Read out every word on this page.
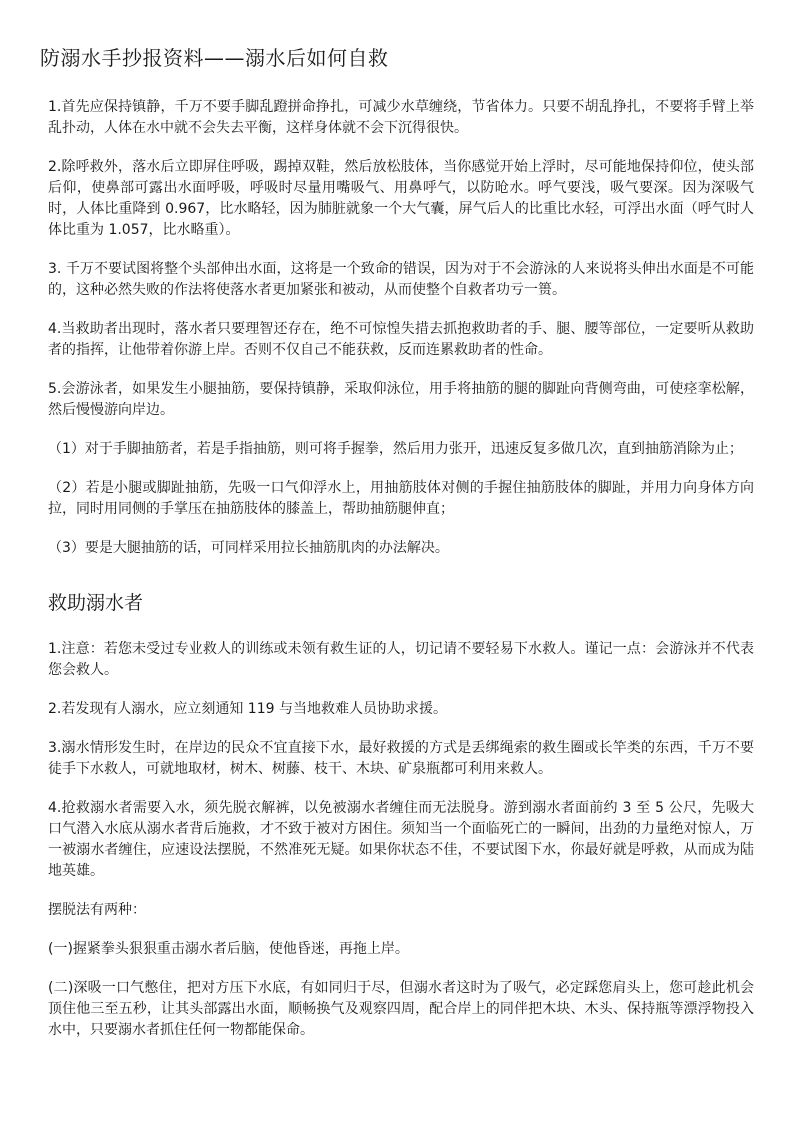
防溺水手抄报资料——溺水后如何自救

1.首先应保持镇静，千万不要手脚乱蹬拼命挣扎，可减少水草缠绕，节省体力。只要不胡乱挣扎，不要将手臂上举乱扑动，人体在水中就不会失去平衡，这样身体就不会下沉得很快。

2.除呼救外，落水后立即屏住呼吸，踢掉双鞋，然后放松肢体，当你感觉开始上浮时，尽可能地保持仰位，使头部后仰，使鼻部可露出水面呼吸，呼吸时尽量用嘴吸气、用鼻呼气，以防呛水。呼气要浅，吸气要深。因为深吸气时，人体比重降到 0.967，比水略轻，因为肺脏就象一个大气囊，屏气后人的比重比水轻，可浮出水面（呼气时人体比重为 1.057，比水略重）。

3. 千万不要试图将整个头部伸出水面，这将是一个致命的错误，因为对于不会游泳的人来说将头伸出水面是不可能的，这种必然失败的作法将使落水者更加紧张和被动，从而使整个自救者功亏一篑。

4.当救助者出现时，落水者只要理智还存在，绝不可惊惶失措去抓抱救助者的手、腿、腰等部位，一定要听从救助者的指挥，让他带着你游上岸。否则不仅自己不能获救，反而连累救助者的性命。

5.会游泳者，如果发生小腿抽筋，要保持镇静，采取仰泳位，用手将抽筋的腿的脚趾向背侧弯曲，可使痉挛松解，然后慢慢游向岸边。

（1）对于手脚抽筋者，若是手指抽筋，则可将手握拳，然后用力张开，迅速反复多做几次，直到抽筋消除为止；

（2）若是小腿或脚趾抽筋，先吸一口气仰浮水上，用抽筋肢体对侧的手握住抽筋肢体的脚趾，并用力向身体方向拉，同时用同侧的手掌压在抽筋肢体的膝盖上，帮助抽筋腿伸直；

（3）要是大腿抽筋的话，可同样采用拉长抽筋肌肉的办法解决。

救助溺水者

1.注意：若您未受过专业救人的训练或未领有救生证的人，切记请不要轻易下水救人。谨记一点：会游泳并不代表您会救人。

2.若发现有人溺水，应立刻通知 119 与当地救难人员协助求援。

3.溺水情形发生时，在岸边的民众不宜直接下水，最好救援的方式是丢绑绳索的救生圈或长竿类的东西，千万不要徒手下水救人，可就地取材，树木、树藤、枝干、木块、矿泉瓶都可利用来救人。

4.抢救溺水者需要入水，须先脱衣解裤，以免被溺水者缠住而无法脱身。游到溺水者面前约 3 至 5 公尺，先吸大口气潜入水底从溺水者背后施救，才不致于被对方困住。须知当一个面临死亡的一瞬间，出劲的力量绝对惊人，万一被溺水者缠住，应速设法摆脱，不然准死无疑。如果你状态不佳，不要试图下水，你最好就是呼救，从而成为陆地英雄。

摆脱法有两种：

(一)握紧拳头狠狠重击溺水者后脑，使他昏迷，再拖上岸。

(二)深吸一口气憋住，把对方压下水底，有如同归于尽，但溺水者这时为了吸气，必定踩您肩头上，您可趁此机会顶住他三至五秒，让其头部露出水面，顺畅换气及观察四周，配合岸上的同伴把木块、木头、保持瓶等漂浮物投入水中，只要溺水者抓住任何一物都能保命。
